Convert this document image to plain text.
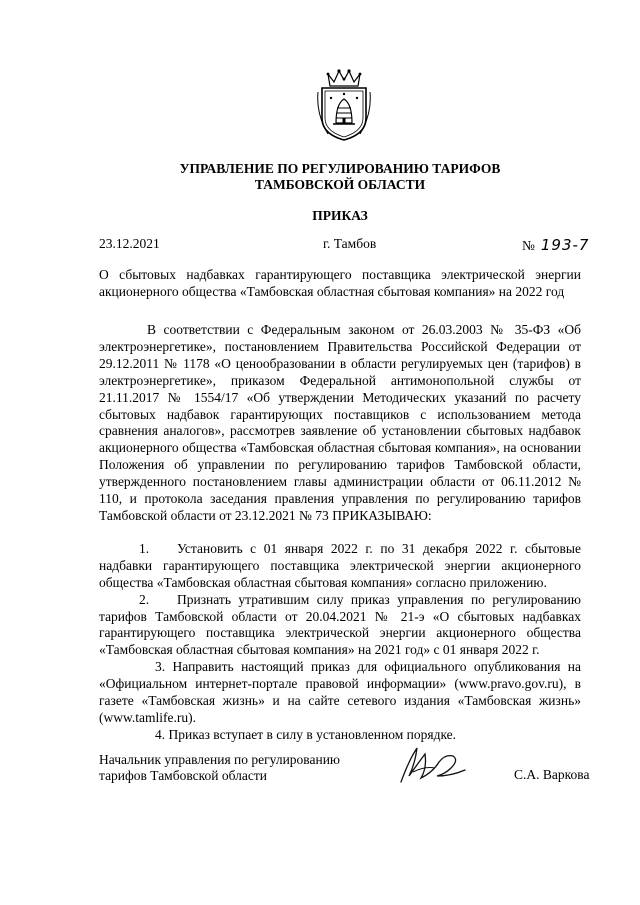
УПРАВЛЕНИЕ ПО РЕГУЛИРОВАНИЮ ТАРИФОВ
ТАМБОВСКОЙ ОБЛАСТИ
ПРИКАЗ
23.12.2021	г. Тамбов	№ 193-7
О сбытовых надбавках гарантирующего поставщика электрической энергии акционерного общества «Тамбовская областная сбытовая компания» на 2022 год

В соответствии с Федеральным законом от 26.03.2003 № 35-ФЗ «Об электроэнергетике», постановлением Правительства Российской Федерации от 29.12.2011 № 1178 «О ценообразовании в области регулируемых цен (тарифов) в электроэнергетике», приказом Федеральной антимонопольной службы от 21.11.2017 № 1554/17 «Об утверждении Методических указаний по расчету сбытовых надбавок гарантирующих поставщиков с использованием метода сравнения аналогов», рассмотрев заявление об установлении сбытовых надбавок акционерного общества «Тамбовская областная сбытовая компания», на основании Положения об управлении по регулированию тарифов Тамбовской области, утвержденного постановлением главы администрации области от 06.11.2012 № 110, и протокола заседания правления управления по регулированию тарифов Тамбовской области от 23.12.2021 № 73 ПРИКАЗЫВАЮ:

1. Установить с 01 января 2022 г. по 31 декабря 2022 г. сбытовые надбавки гарантирующего поставщика электрической энергии акционерного общества «Тамбовская областная сбытовая компания» согласно приложению.

2. Признать утратившим силу приказ управления по регулированию тарифов Тамбовской области от 20.04.2021 № 21-э «О сбытовых надбавках гарантирующего поставщика электрической энергии акционерного общества «Тамбовская областная сбытовая компания» на 2021 год» с 01 января 2022 г.

3. Направить настоящий приказ для официального опубликования на «Официальном интернет-портале правовой информации» (www.pravo.gov.ru), в газете «Тамбовская жизнь» и на сайте сетевого издания «Тамбовская жизнь» (www.tamlife.ru).

4. Приказ вступает в силу в установленном порядке.

Начальник управления по регулированию
тарифов Тамбовской области	С.А. Варкова
